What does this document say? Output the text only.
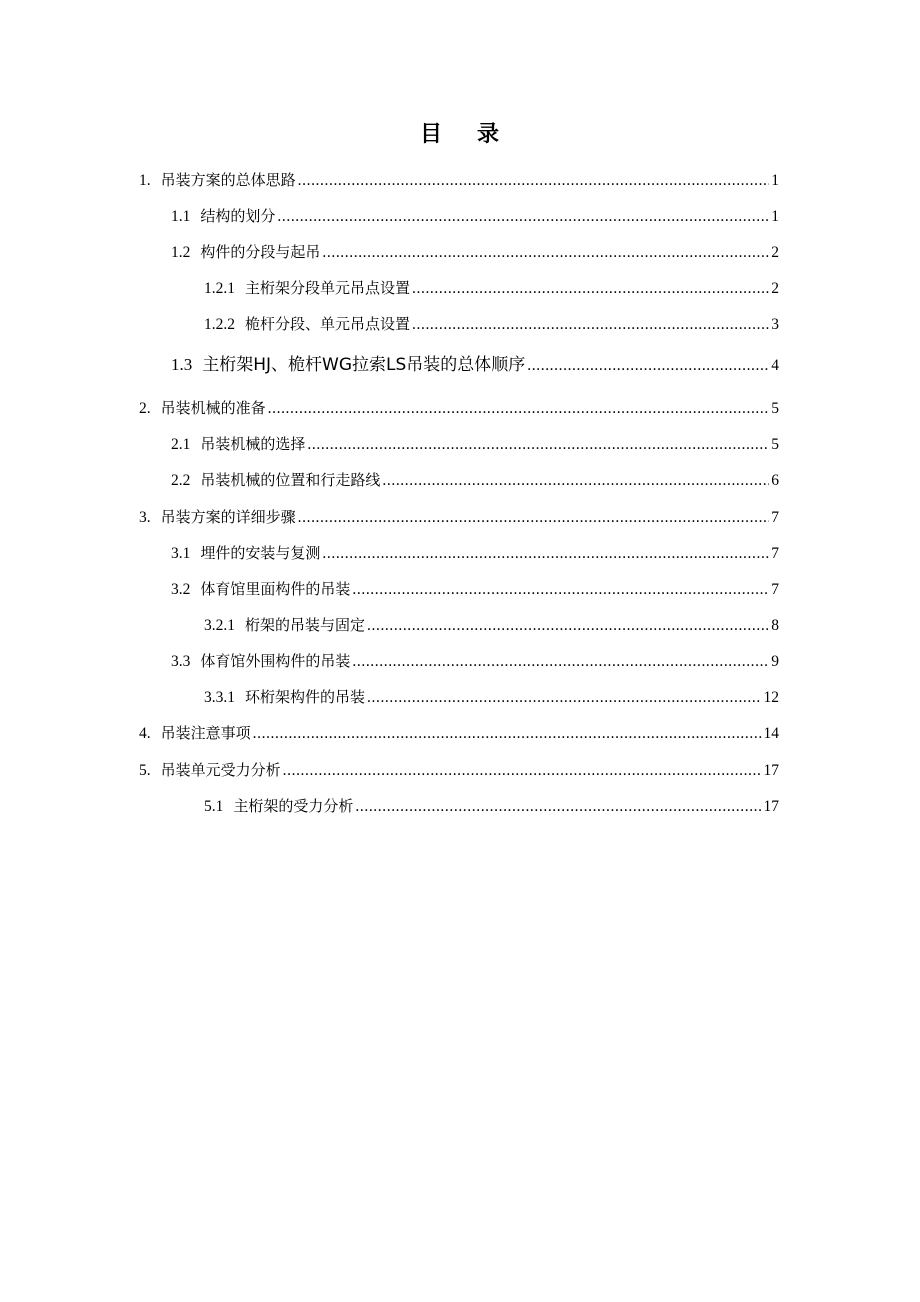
目 录
1. 吊装方案的总体思路 .....	1
1.1 结构的划分 .....	1
1.2 构件的分段与起吊 .....	2
1.2.1 主桁架分段单元吊点设置 .....	2
1.2.2 桅杆分段、单元吊点设置 .....	3
1.3 主桁架HJ、桅杆WG拉索LS吊装的总体顺序 .....	4
2. 吊装机械的准备 .....	5
2.1 吊装机械的选择 .....	5
2.2 吊装机械的位置和行走路线 .....	6
3. 吊装方案的详细步骤 .....	7
3.1 埋件的安装与复测 .....	7
3.2 体育馆里面构件的吊装 .....	7
3.2.1 桁架的吊装与固定 .....	8
3.3 体育馆外围构件的吊装 .....	9
3.3.1 环桁架构件的吊装 .....	12
4. 吊装注意事项 .....	14
5. 吊装单元受力分析 .....	17
5.1 主桁架的受力分析 .....	17
